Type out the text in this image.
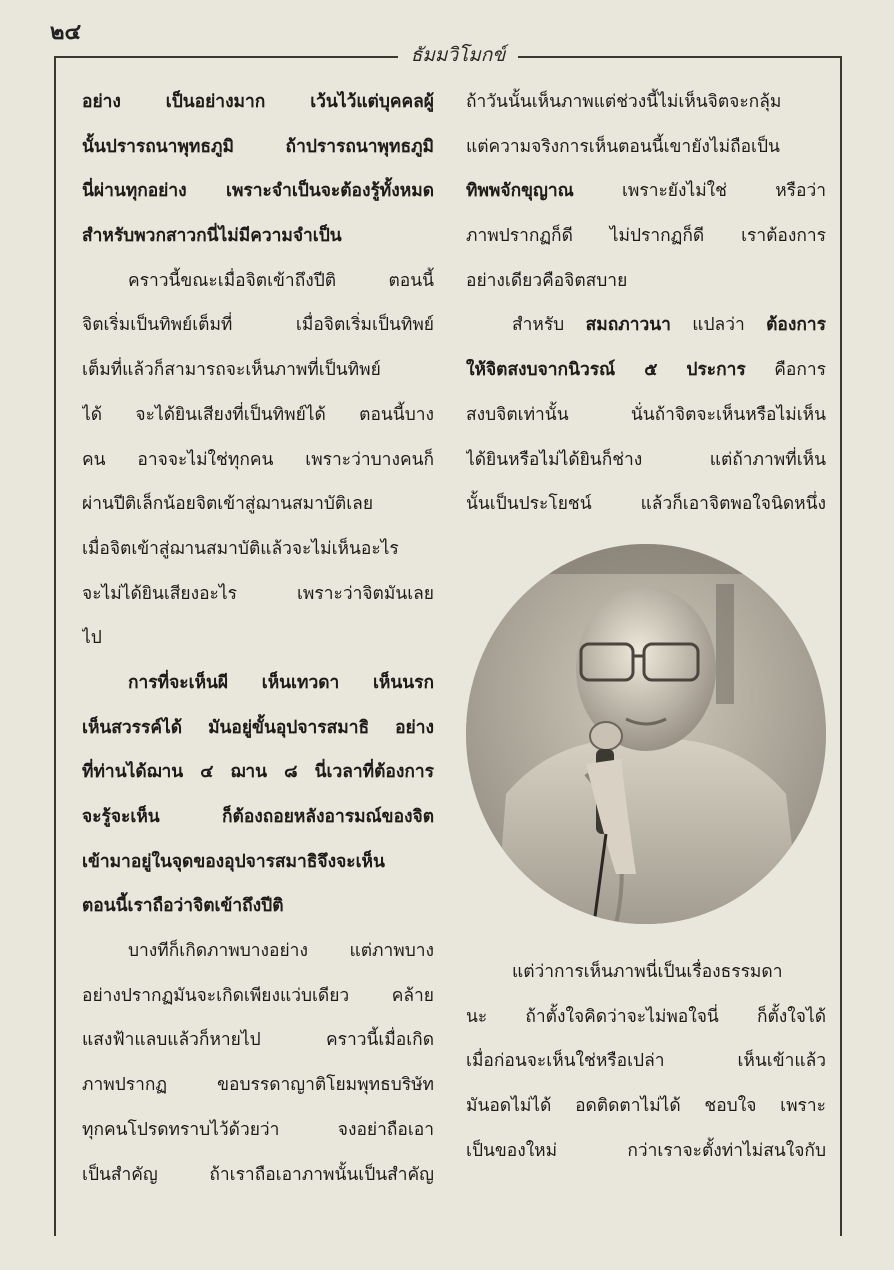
๒๔
ธัมมวิโมกข์
อย่าง เป็นอย่างมาก เว้นไว้แต่บุคคลผู้
นั้นปรารถนาพุทธภูมิ ถ้าปรารถนาพุทธภูมิ
นี่ผ่านทุกอย่าง เพราะจำเป็นจะต้องรู้ทั้งหมด
สำหรับพวกสาวกนี่ไม่มีความจำเป็น
คราวนี้ขณะเมื่อจิตเข้าถึงปีติ ตอนนี้
จิตเริ่มเป็นทิพย์เต็มที่ เมื่อจิตเริ่มเป็นทิพย์
เต็มที่แล้วก็สามารถจะเห็นภาพที่เป็นทิพย์
ได้ จะได้ยินเสียงที่เป็นทิพย์ได้ ตอนนี้บาง
คน อาจจะไม่ใช่ทุกคน เพราะว่าบางคนก็
ผ่านปีติเล็กน้อยจิตเข้าสู่ฌานสมาบัติเลย
เมื่อจิตเข้าสู่ฌานสมาบัติแล้วจะไม่เห็นอะไร
จะไม่ได้ยินเสียงอะไร เพราะว่าจิตมันเลย
ไป
การที่จะเห็นผี เห็นเทวดา เห็นนรก
เห็นสวรรค์ได้ มันอยู่ขั้นอุปจารสมาธิ อย่าง
ที่ท่านได้ฌาน ๔ ฌาน ๘ นี่เวลาที่ต้องการ
จะรู้จะเห็น ก็ต้องถอยหลังอารมณ์ของจิต
เข้ามาอยู่ในจุดของอุปจารสมาธิจึงจะเห็น
ตอนนี้เราถือว่าจิตเข้าถึงปีติ
บางทีก็เกิดภาพบางอย่าง แต่ภาพบาง
อย่างปรากฏมันจะเกิดเพียงแว่บเดียว คล้าย
แสงฟ้าแลบแล้วก็หายไป คราวนี้เมื่อเกิด
ภาพปรากฏ ขอบรรดาญาติโยมพุทธบริษัท
ทุกคนโปรดทราบไว้ด้วยว่า จงอย่าถือเอา
เป็นสำคัญ ถ้าเราถือเอาภาพนั้นเป็นสำคัญ
ถ้าวันนั้นเห็นภาพแต่ช่วงนี้ไม่เห็นจิตจะกลุ้ม
แต่ความจริงการเห็นตอนนี้เขายังไม่ถือเป็น
ทิพพจักขุญาณ เพราะยังไม่ใช่ หรือว่า
ภาพปรากฏก็ดี ไม่ปรากฏก็ดี เราต้องการ
อย่างเดียวคือจิตสบาย
สำหรับ สมถภาวนา แปลว่า ต้องการ
ให้จิตสงบจากนิวรณ์ ๕ ประการ คือการ
สงบจิตเท่านั้น นั่นถ้าจิตจะเห็นหรือไม่เห็น
ได้ยินหรือไม่ได้ยินก็ช่าง แต่ถ้าภาพที่เห็น
นั้นเป็นประโยชน์ แล้วก็เอาจิตพอใจนิดหนึ่ง
แต่ว่าการเห็นภาพนี่เป็นเรื่องธรรมดา
นะ ถ้าตั้งใจคิดว่าจะไม่พอใจนี่ ก็ตั้งใจได้
เมื่อก่อนจะเห็นใช่หรือเปล่า เห็นเข้าแล้ว
มันอดไม่ได้ อดติดตาไม่ได้ ชอบใจ เพราะ
เป็นของใหม่ กว่าเราจะตั้งท่าไม่สนใจกับ
